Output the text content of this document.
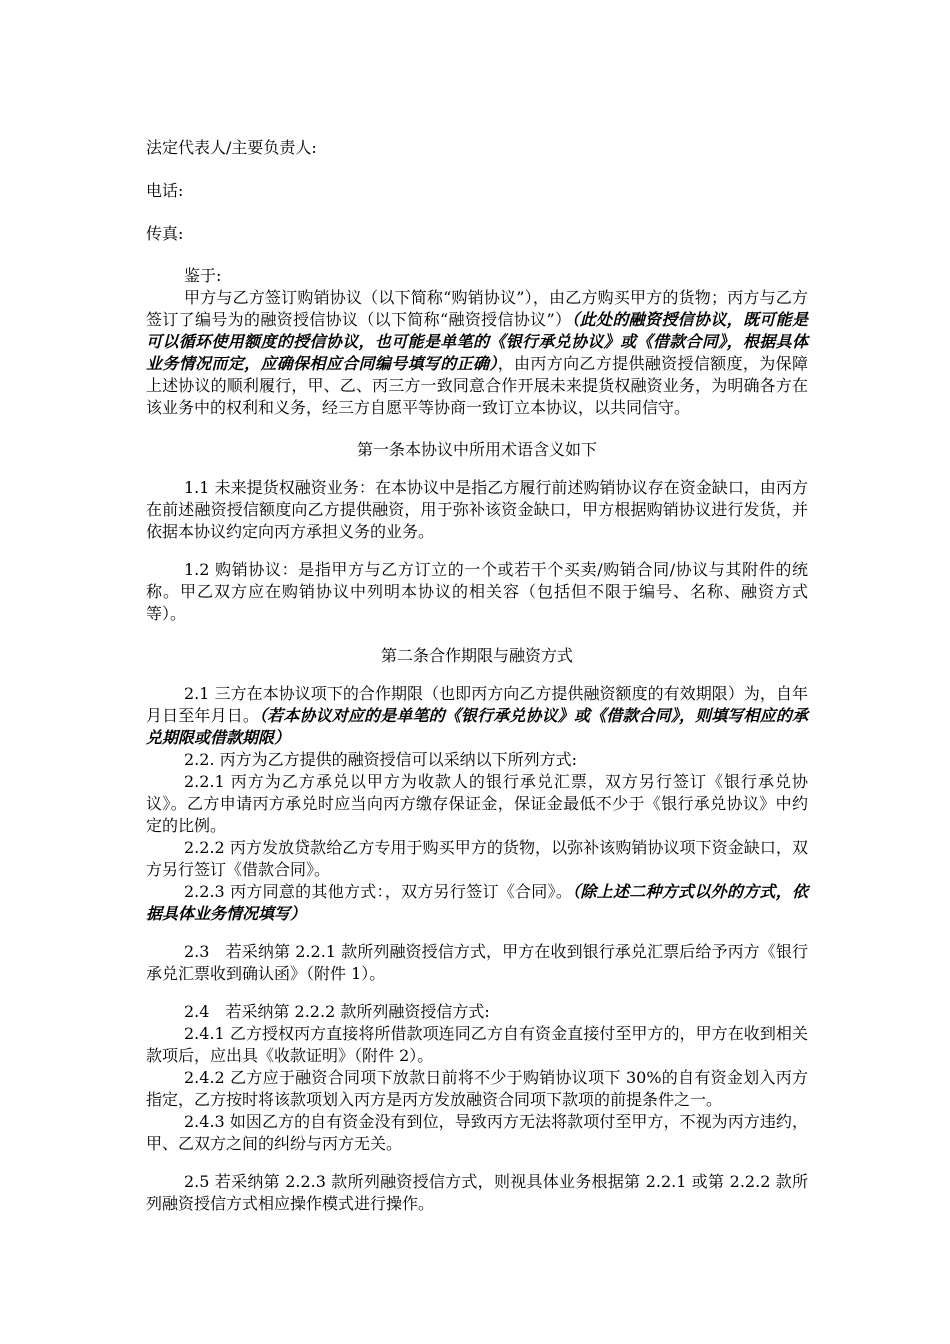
法定代表人/主要负责人:

电话:

传真:

鉴于:

甲方与乙方签订购销协议（以下简称“购销协议”），由乙方购买甲方的货物；丙方与乙方签订了编号为的融资授信协议（以下简称“融资授信协议”）（此处的融资授信协议，既可能是可以循环使用额度的授信协议，也可能是单笔的《银行承兑协议》或《借款合同》，根据具体业务情况而定，应确保相应合同编号填写的正确），由丙方向乙方提供融资授信额度，为保障上述协议的顺利履行，甲、乙、丙三方一致同意合作开展未来提货权融资业务，为明确各方在该业务中的权利和义务，经三方自愿平等协商一致订立本协议，以共同信守。

第一条本协议中所用术语含义如下

1.1 未来提货权融资业务：在本协议中是指乙方履行前述购销协议存在资金缺口，由丙方在前述融资授信额度向乙方提供融资，用于弥补该资金缺口，甲方根据购销协议进行发货，并依据本协议约定向丙方承担义务的业务。

1.2 购销协议：是指甲方与乙方订立的一个或若干个买卖/购销合同/协议与其附件的统称。甲乙双方应在购销协议中列明本协议的相关容（包括但不限于编号、名称、融资方式等）。

第二条合作期限与融资方式

2.1 三方在本协议项下的合作期限（也即丙方向乙方提供融资额度的有效期限）为，自年月日至年月日。（若本协议对应的是单笔的《银行承兑协议》或《借款合同》，则填写相应的承兑期限或借款期限）

2.2. 丙方为乙方提供的融资授信可以采纳以下所列方式:

2.2.1 丙方为乙方承兑以甲方为收款人的银行承兑汇票，双方另行签订《银行承兑协议》。乙方申请丙方承兑时应当向丙方缴存保证金，保证金最低不少于《银行承兑协议》中约定的比例。

2.2.2 丙方发放贷款给乙方专用于购买甲方的货物，以弥补该购销协议项下资金缺口，双方另行签订《借款合同》。

2.2.3 丙方同意的其他方式：，双方另行签订《合同》。（除上述二种方式以外的方式，依据具体业务情况填写）

2.3　若采纳第 2.2.1 款所列融资授信方式，甲方在收到银行承兑汇票后给予丙方《银行承兑汇票收到确认函》（附件 1）。

2.4　若采纳第 2.2.2 款所列融资授信方式:

2.4.1 乙方授权丙方直接将所借款项连同乙方自有资金直接付至甲方的，甲方在收到相关款项后，应出具《收款证明》（附件 2）。

2.4.2 乙方应于融资合同项下放款日前将不少于购销协议项下 30%的自有资金划入丙方指定，乙方按时将该款项划入丙方是丙方发放融资合同项下款项的前提条件之一。

2.4.3 如因乙方的自有资金没有到位，导致丙方无法将款项付至甲方，不视为丙方违约，甲、乙双方之间的纠纷与丙方无关。

2.5 若采纳第 2.2.3 款所列融资授信方式，则视具体业务根据第 2.2.1 或第 2.2.2 款所列融资授信方式相应操作模式进行操作。
